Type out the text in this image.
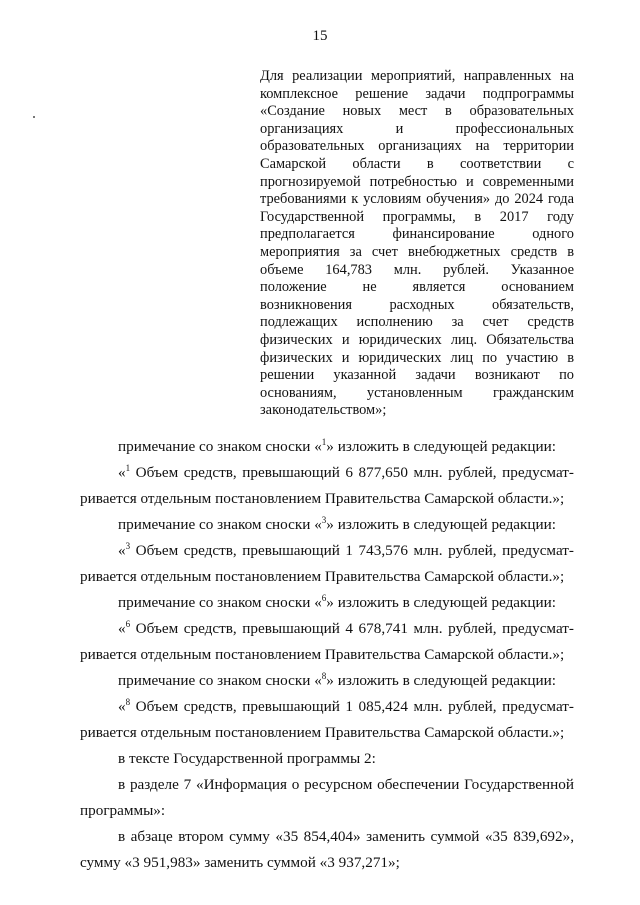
15
Для реализации мероприятий, направленных на
комплексное решение задачи подпрограммы
«Создание новых мест в образовательных
организациях и профессиональных
образовательных организациях на территории
Самарской области в соответствии с
прогнозируемой потребностью и современными
требованиями к условиям обучения» до 2024 года
Государственной программы, в 2017 году
предполагается финансирование одного
мероприятия за счет внебюджетных средств в
объеме 164,783 млн. рублей. Указанное
положение не является основанием
возникновения расходных обязательств,
подлежащих исполнению за счет средств
физических и юридических лиц. Обязательства
физических и юридических лиц по участию в
решении указанной задачи возникают по
основаниям, установленным гражданским
законодательством»;
примечание со знаком сноски «$^1$» изложить в следующей редакции:
«$^1$ Объем средств, превышающий 6 877,650 млн. рублей, предусмат-
ривается отдельным постановлением Правительства Самарской области.»;
примечание со знаком сноски «$^3$» изложить в следующей редакции:
«$^3$ Объем средств, превышающий 1 743,576 млн. рублей, предусмат-
ривается отдельным постановлением Правительства Самарской области.»;
примечание со знаком сноски «$^6$» изложить в следующей редакции:
«$^6$ Объем средств, превышающий 4 678,741 млн. рублей, предусмат-
ривается отдельным постановлением Правительства Самарской области.»;
примечание со знаком сноски «$^8$» изложить в следующей редакции:
«$^8$ Объем средств, превышающий 1 085,424 млн. рублей, предусмат-
ривается отдельным постановлением Правительства Самарской области.»;
в тексте Государственной программы 2:
в разделе 7 «Информация о ресурсном обеспечении Государственной
программы»:
в абзаце втором сумму «35 854,404» заменить суммой «35 839,692»,
сумму «3 951,983» заменить суммой «3 937,271»;
